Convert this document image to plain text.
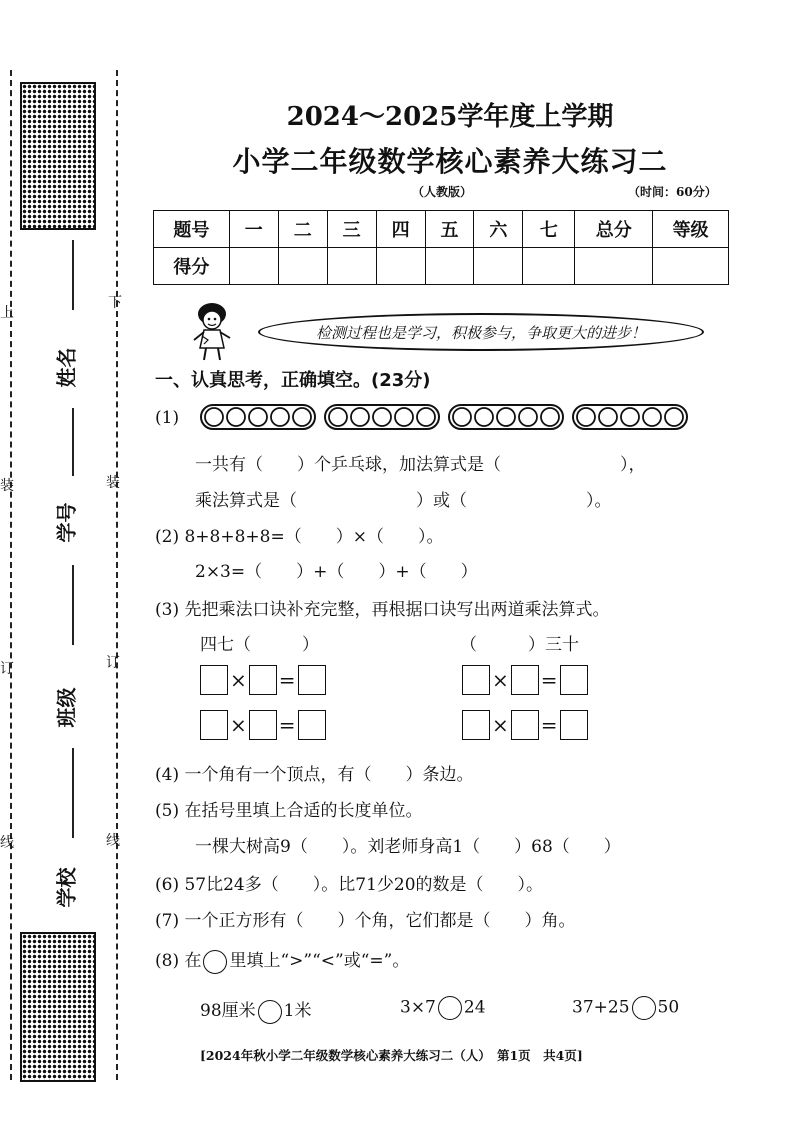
姓名
学号
班级
学校
上
装
订
线
下
装
订
线
2024～2025学年度上学期
小学二年级数学核心素养大练习二
（人教版）	（时间：60分）
题号	一	二	三	四	五	六	七	总分	等级
得分									
检测过程也是学习，积极参与，争取更大的进步！
一、认真思考，正确填空。(23分)
(1)
一共有（　　）个乒乓球，加法算式是（　　　　　　　），
乘法算式是（　　　　　　　）或（　　　　　　　）。
(2) 8+8+8+8=（　　）×（　　）。
2×3=（　　）+（　　）+（　　）
(3) 先把乘法口诀补充完整，再根据口诀写出两道乘法算式。
四七（　　　）	（　　　）三十
× =	× =
× =	× =
(4) 一个角有一个顶点，有（　　）条边。
(5) 在括号里填上合适的长度单位。
一棵大树高9（　　）。刘老师身高1（　　）68（　　）
(6) 57比24多（　　）。比71少20的数是（　　）。
(7) 一个正方形有（　　）个角，它们都是（　　）角。
(8) 在 里填上“>”“<”或“=”。
98厘米 1米	3×7 24	37+25 50
[2024年秋小学二年级数学核心素养大练习二（人）　第1页　共4页]
